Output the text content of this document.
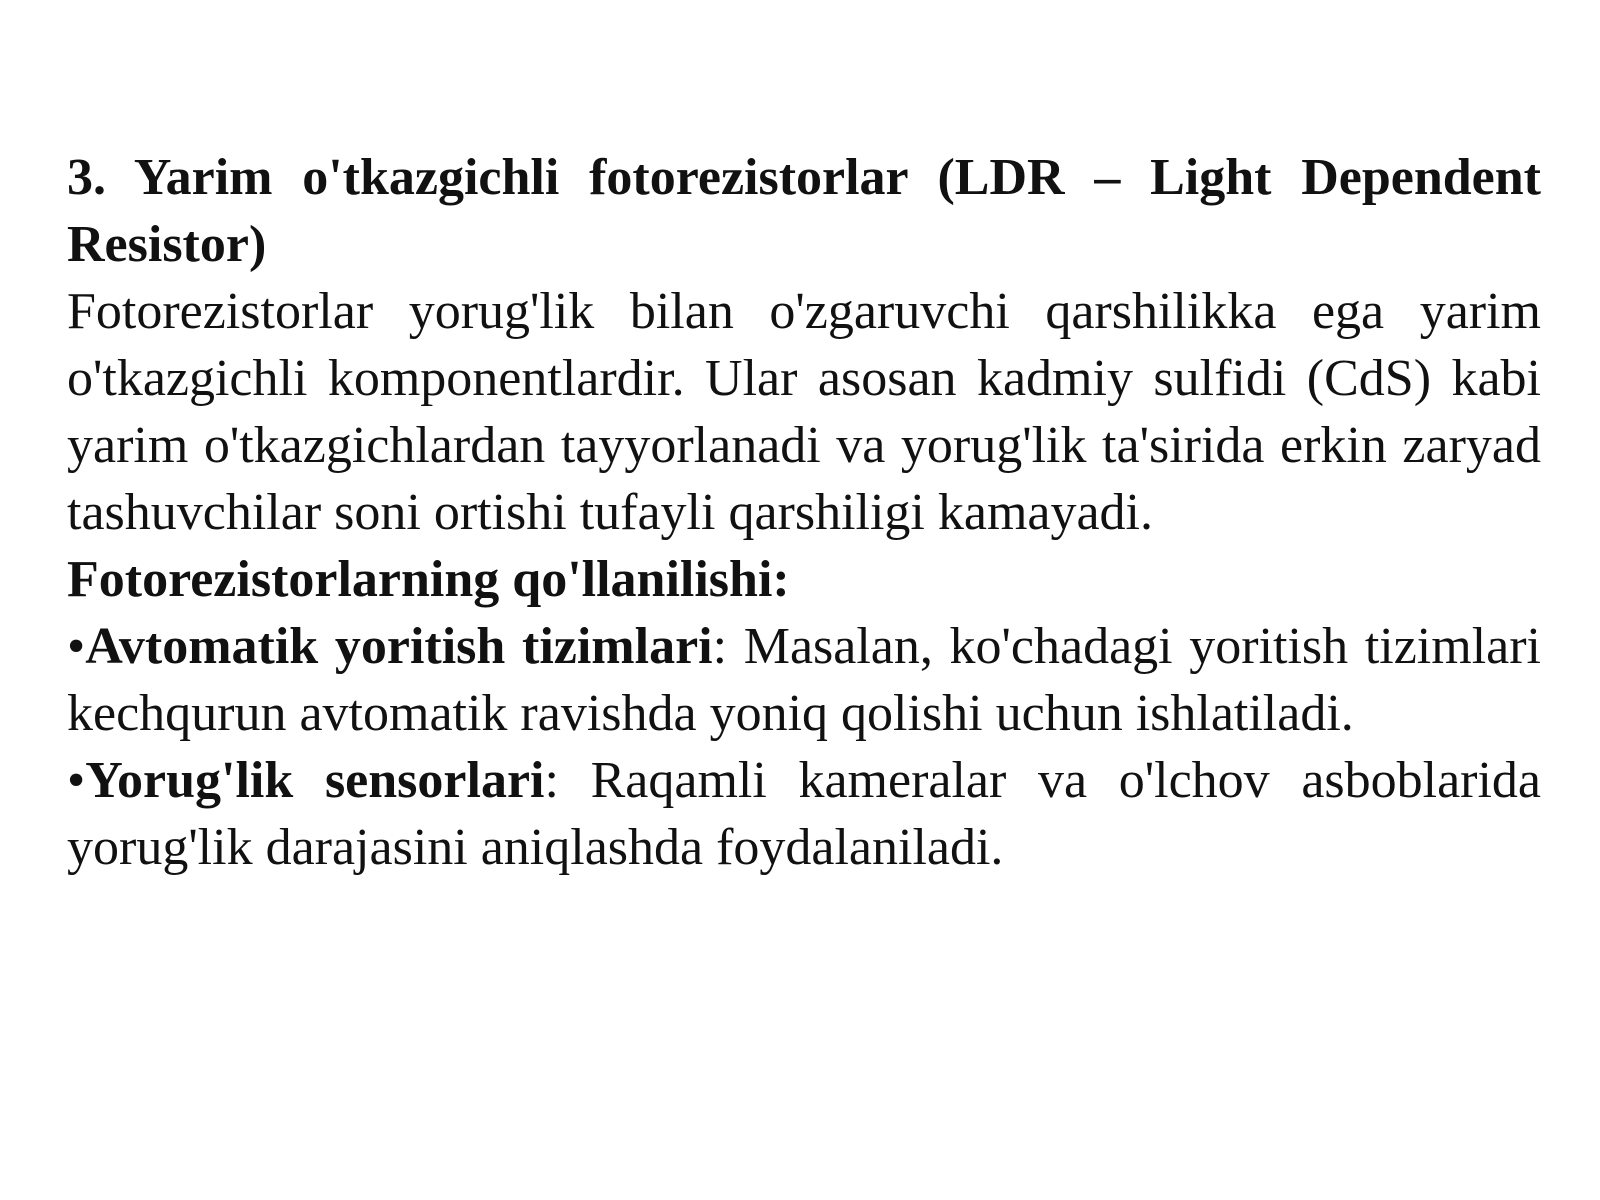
3. Yarim o'tkazgichli fotorezistorlar (LDR – Light Dependent Resistor)

Fotorezistorlar yorug'lik bilan o'zgaruvchi qarshilikka ega yarim o'tkazgichli komponentlardir. Ular asosan kadmiy sulfidi (CdS) kabi yarim o'tkazgichlardan tayyorlanadi va yorug'lik ta'sirida erkin zaryad tashuvchilar soni ortishi tufayli qarshiligi kamayadi.

Fotorezistorlarning qo'llanilishi:

•Avtomatik yoritish tizimlari: Masalan, ko'chadagi yoritish tizimlari kechqurun avtomatik ravishda yoniq qolishi uchun ishlatiladi.

•Yorug'lik sensorlari: Raqamli kameralar va o'lchov asboblarida yorug'lik darajasini aniqlashda foydalaniladi.
